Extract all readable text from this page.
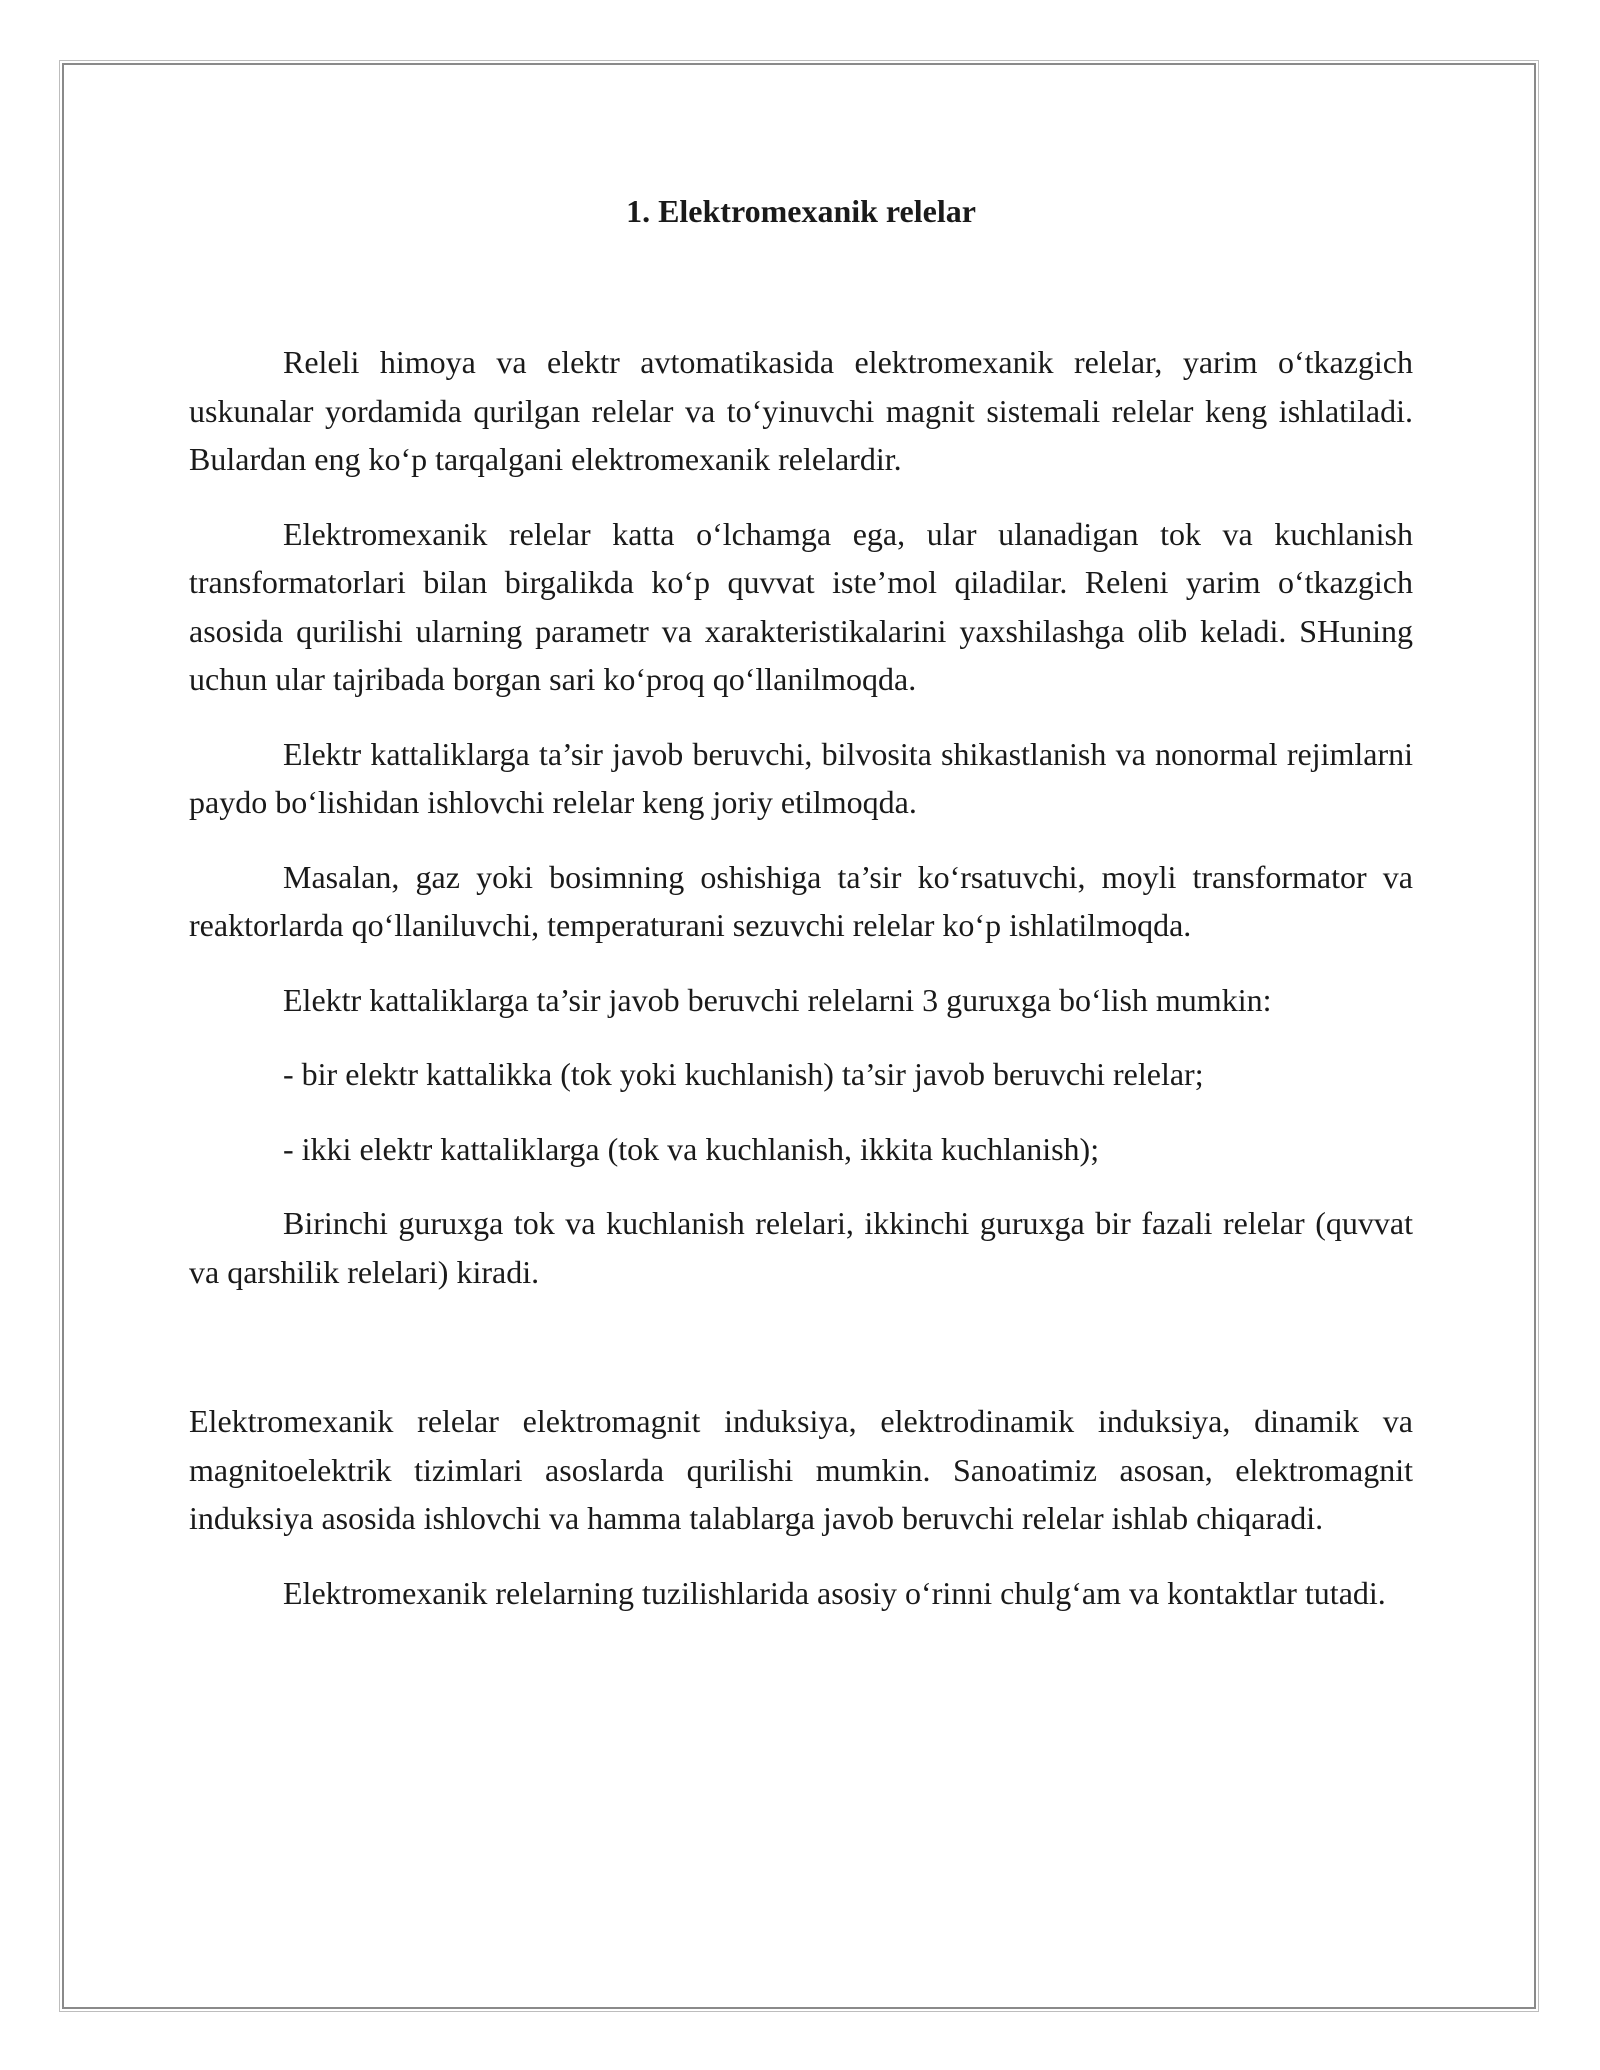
1. Elektromexanik relelar

Releli himoya va elektr avtomatikasida elektromexanik relelar, yarim o‘tkazgich uskunalar yordamida qurilgan relelar va to‘yinuvchi magnit sistemali relelar keng ishlatiladi. Bulardan eng ko‘p tarqalgani elektromexanik relelardir.

Elektromexanik relelar katta o‘lchamga ega, ular ulanadigan tok va kuchlanish transformatorlari bilan birgalikda ko‘p quvvat iste’mol qiladilar. Releni yarim o‘tkazgich asosida qurilishi ularning parametr va xarakteristikalarini yaxshilashga olib keladi. SHuning uchun ular tajribada borgan sari ko‘proq qo‘llanilmoqda.

Elektr kattaliklarga ta’sir javob beruvchi, bilvosita shikastlanish va nonormal rejimlarni paydo bo‘lishidan ishlovchi relelar keng joriy etilmoqda.

Masalan, gaz yoki bosimning oshishiga ta’sir ko‘rsatuvchi, moyli transformator va reaktorlarda qo‘llaniluvchi, temperaturani sezuvchi relelar ko‘p ishlatilmoqda.

Elektr kattaliklarga ta’sir javob beruvchi relelarni 3 guruxga bo‘lish mumkin:

- bir elektr kattalikka (tok yoki kuchlanish) ta’sir javob beruvchi relelar;

- ikki elektr kattaliklarga (tok va kuchlanish, ikkita kuchlanish);

Birinchi guruxga tok va kuchlanish relelari, ikkinchi guruxga bir fazali relelar (quvvat va qarshilik relelari) kiradi.

Elektromexanik relelar elektromagnit induksiya, elektrodinamik induksiya, dinamik va magnitoelektrik tizimlari asoslarda qurilishi mumkin. Sanoatimiz asosan, elektromagnit induksiya asosida ishlovchi va hamma talablarga javob beruvchi relelar ishlab chiqaradi.

Elektromexanik relelarning tuzilishlarida asosiy o‘rinni chulg‘am va kontaktlar tutadi.
